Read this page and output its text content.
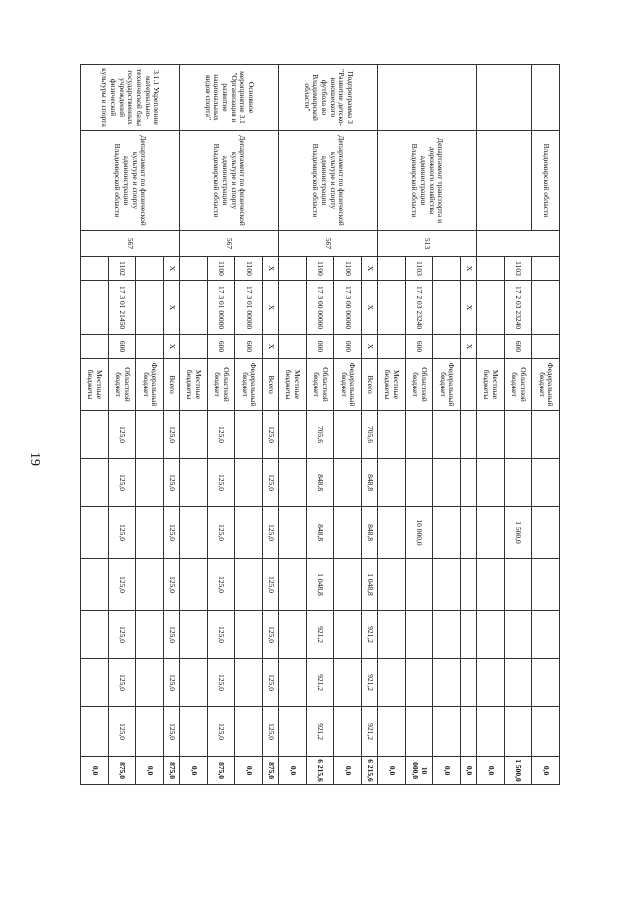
19
	Владимирской области					Федеральный бюджет								0,0
			1103	17 2 03 23240	600	Областной бюджет			1 500,0					1 500,0
						Местные бюджеты								0,0
	Департамент транспорта и дорожного хозяйства администрации Владимирской области	513	Х	Х	Х									0,0
						Федеральный бюджет								0,0
			1103	17 2 03 23240	600	Областной бюджет			10 000,0					10 000,0
						Местные бюджеты								0,0
Подпрограмма 3 "Развитие детско-юношеского футбола во Владимирской области"	Департамент по физической культуре и спорту администрации Владимирской области	567	Х	Х	Х	Всего	705,6	848,8	848,8	1 048,8	921,2	921,2	921,2	6 215,6
			1100	17 3 00 00000	000	Федеральный бюджет								0,0
			1100	17 3 00 00000	000	Областной бюджет	705,6	848,8	848,8	1 048,8	921,2	921,2	921,2	6 215,6
						Местные бюджеты								0,0
Основное мероприятие 3.1 "Организация и развитие национальных видов спорта"	Департамент по физической культуре и спорту администрации Владимирской области	567	Х	Х	Х	Всего	125,0	125,0	125,0	125,0	125,0	125,0	125,0	875,0
			1100	17 3 01 00000	600	Федеральный бюджет								0,0
			1100	17 3 01 00000	600	Областной бюджет	125,0	125,0	125,0	125,0	125,0	125,0	125,0	875,0
						Местные бюджеты								0,0
3.1.1 Укрепление материально-технической базы государственных учреждений физической культуры и спорта	Департамент по физической культуре и спорту администрации Владимирской области	567	Х	Х	Х	Всего	125,0	125,0	125,0	125,0	125,0	125,0	125,0	875,0
						Федеральный бюджет								0,0
			1102	17 3 01 21450	600	Областной бюджет	125,0	125,0	125,0	125,0	125,0	125,0	125,0	875,0
						Местные бюджеты								0,0
